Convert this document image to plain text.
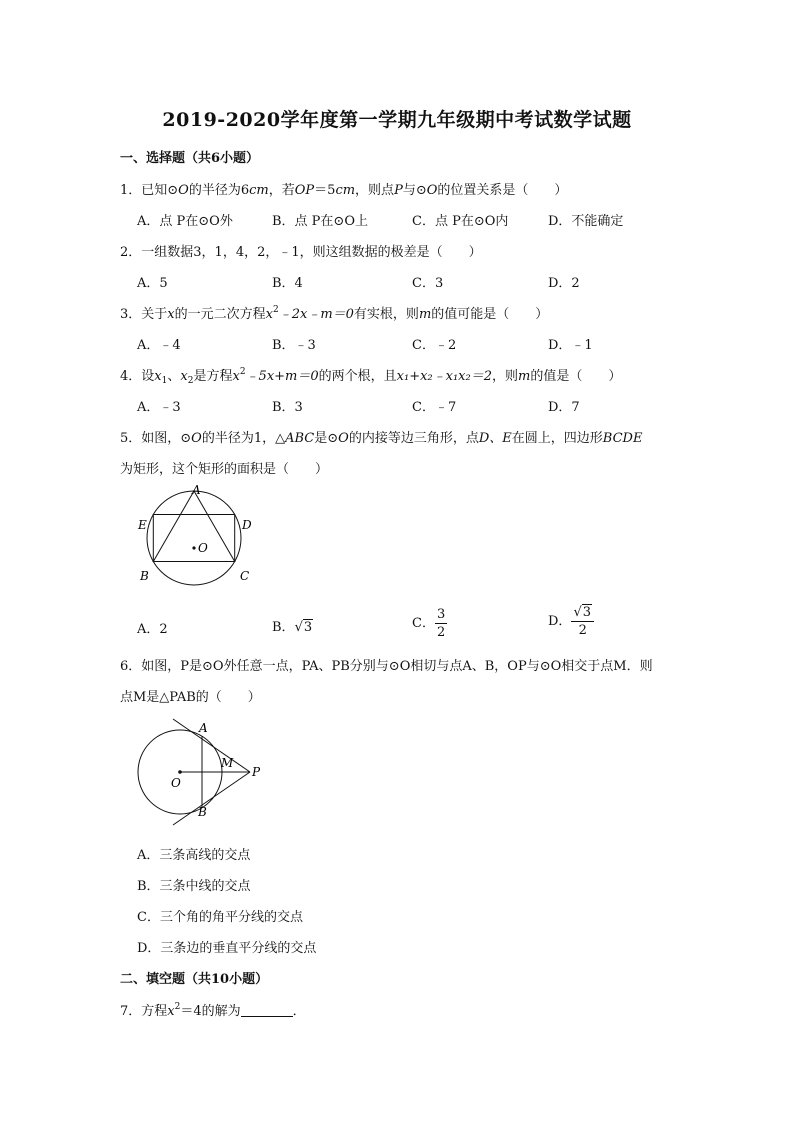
2019-2020学年度第一学期九年级期中考试数学试题
一、选择题（共6小题）
1．已知⊙O的半径为6cm，若OP＝5cm，则点P与⊙O的位置关系是（　　）
A．点 P在⊙O外	B．点 P在⊙O上	C．点 P在⊙O内	D．不能确定
2．一组数据3，1，4，2，﹣1，则这组数据的极差是（　　）
A．5	B．4	C．3	D．2
3．关于x的一元二次方程$x^2﹣2x﹣m=0$有实根，则m的值可能是（　　）
A．﹣4	B．﹣3	C．﹣2	D．﹣1
4．设$x_1$、$x_2$是方程$x^2﹣5x+m=0$的两个根，且x₁+x₂﹣x₁x₂＝2，则m的值是（　　）
A．﹣3	B．3	C．﹣7	D．7
5．如图，⊙O的半径为1，△ABC是⊙O的内接等边三角形，点D、E在圆上，四边形BCDE
为矩形，这个矩形的面积是（　　）
A
E	D
O
B	C
A．2	B．√3	C． $\frac{3}{2}$	D． $\frac{√3}{2}$
6．如图，P是⊙O外任意一点，PA、PB分别与⊙O相切与点A、B，OP与⊙O相交于点M．则
点M是△PAB的（　　）
A
M
P
O
B
A．三条高线的交点
B．三条中线的交点
C．三个角的角平分线的交点
D．三条边的垂直平分线的交点
二、填空题（共10小题）
7．方程$x^2=4$的解为	．
